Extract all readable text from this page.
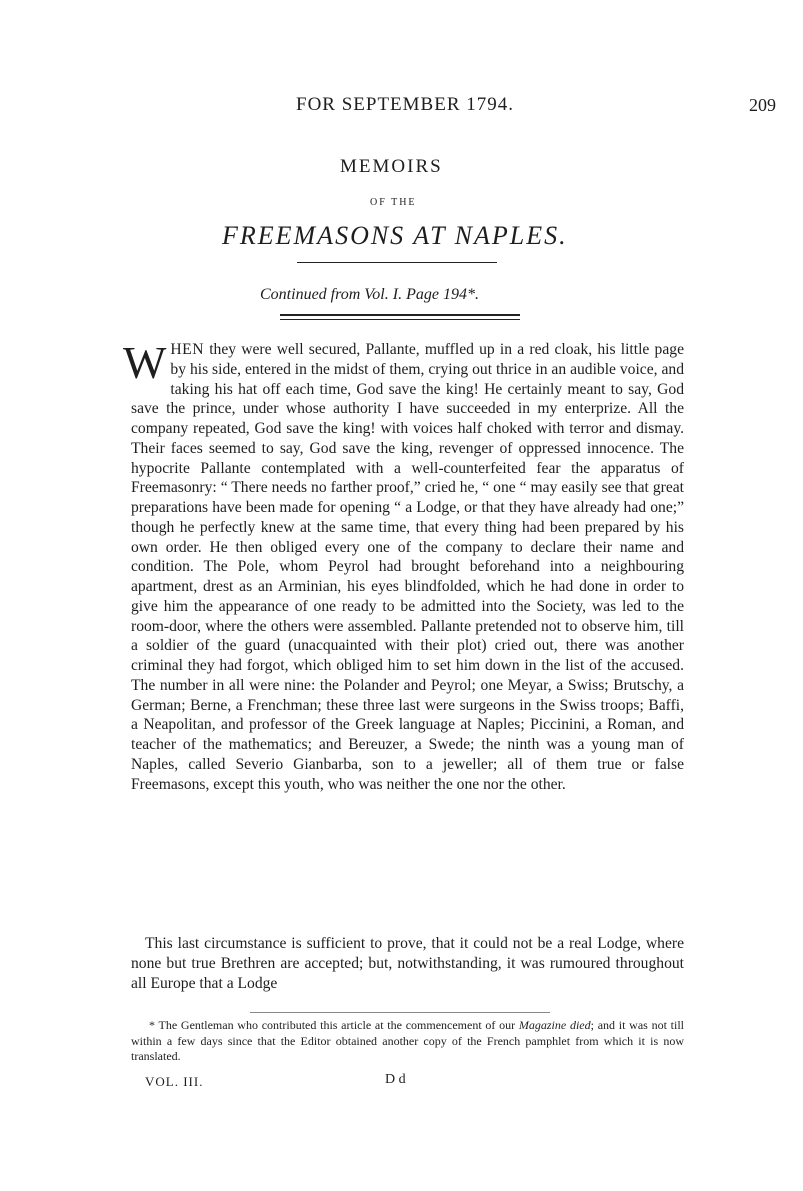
FOR SEPTEMBER 1794.	209
MEMOIRS
OF THE
FREEMASONS AT NAPLES.
Continued from Vol. I. Page 194*.
WHEN they were well secured, Pallante, muffled up in a red cloak, his little page by his side, entered in the midst of them, crying out thrice in an audible voice, and taking his hat off each time, God save the king! He certainly meant to say, God save the prince, under whose authority I have succeeded in my enterprize. All the company repeated, God save the king! with voices half choked with terror and dismay. Their faces seemed to say, God save the king, revenger of oppressed innocence. The hypocrite Pallante contemplated with a well-counterfeited fear the apparatus of Freemasonry: “ There needs no farther proof,” cried he, “ one “ may easily see that great preparations have been made for opening “ a Lodge, or that they have already had one;” though he perfectly knew at the same time, that every thing had been prepared by his own order. He then obliged every one of the company to declare their name and condition. The Pole, whom Peyrol had brought beforehand into a neighbouring apartment, drest as an Arminian, his eyes blindfolded, which he had done in order to give him the appearance of one ready to be admitted into the Society, was led to the room-door, where the others were assembled. Pallante pretended not to observe him, till a soldier of the guard (unacquainted with their plot) cried out, there was another criminal they had forgot, which obliged him to set him down in the list of the accused. The number in all were nine: the Polander and Peyrol; one Meyar, a Swiss; Brutschy, a German; Berne, a Frenchman; these three last were surgeons in the Swiss troops; Baffi, a Neapolitan, and professor of the Greek language at Naples; Piccinini, a Roman, and teacher of the mathematics; and Bereuzer, a Swede; the ninth was a young man of Naples, called Severio Gianbarba, son to a jeweller; all of them true or false Freemasons, except this youth, who was neither the one nor the other.
This last circumstance is sufficient to prove, that it could not be a real Lodge, where none but true Brethren are accepted; but, notwithstanding, it was rumoured throughout all Europe that a Lodge
* The Gentleman who contributed this article at the commencement of our Magazine died; and it was not till within a few days since that the Editor obtained another copy of the French pamphlet from which it is now translated.
VOL. III.	D d
